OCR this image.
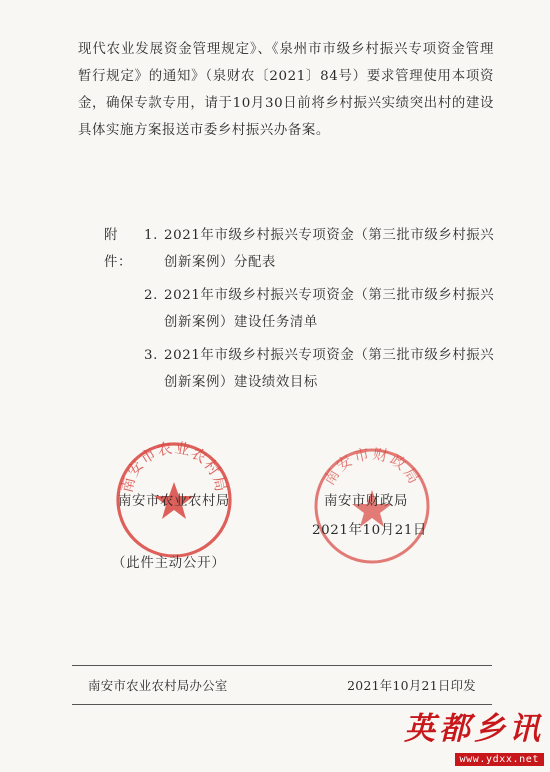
现代农业发展资金管理规定》、《泉州市市级乡村振兴专项资金管理暂行规定》的通知》（泉财农〔2021〕84号）要求管理使用本项资金，确保专款专用，请于10月30日前将乡村振兴实绩突出村的建设具体实施方案报送市委乡村振兴办备案。
附件：
1. 2021年市级乡村振兴专项资金（第三批市级乡村振兴创新案例）分配表
2. 2021年市级乡村振兴专项资金（第三批市级乡村振兴创新案例）建设任务清单
3. 2021年市级乡村振兴专项资金（第三批市级乡村振兴创新案例）建设绩效目标
南安市农业农村局	南安市财政局
南安市农业农村局	南安市财政局
2021年10月21日
（此件主动公开）
南安市农业农村局办公室	2021年10月21日印发
英都乡讯
www.ydxx.net
